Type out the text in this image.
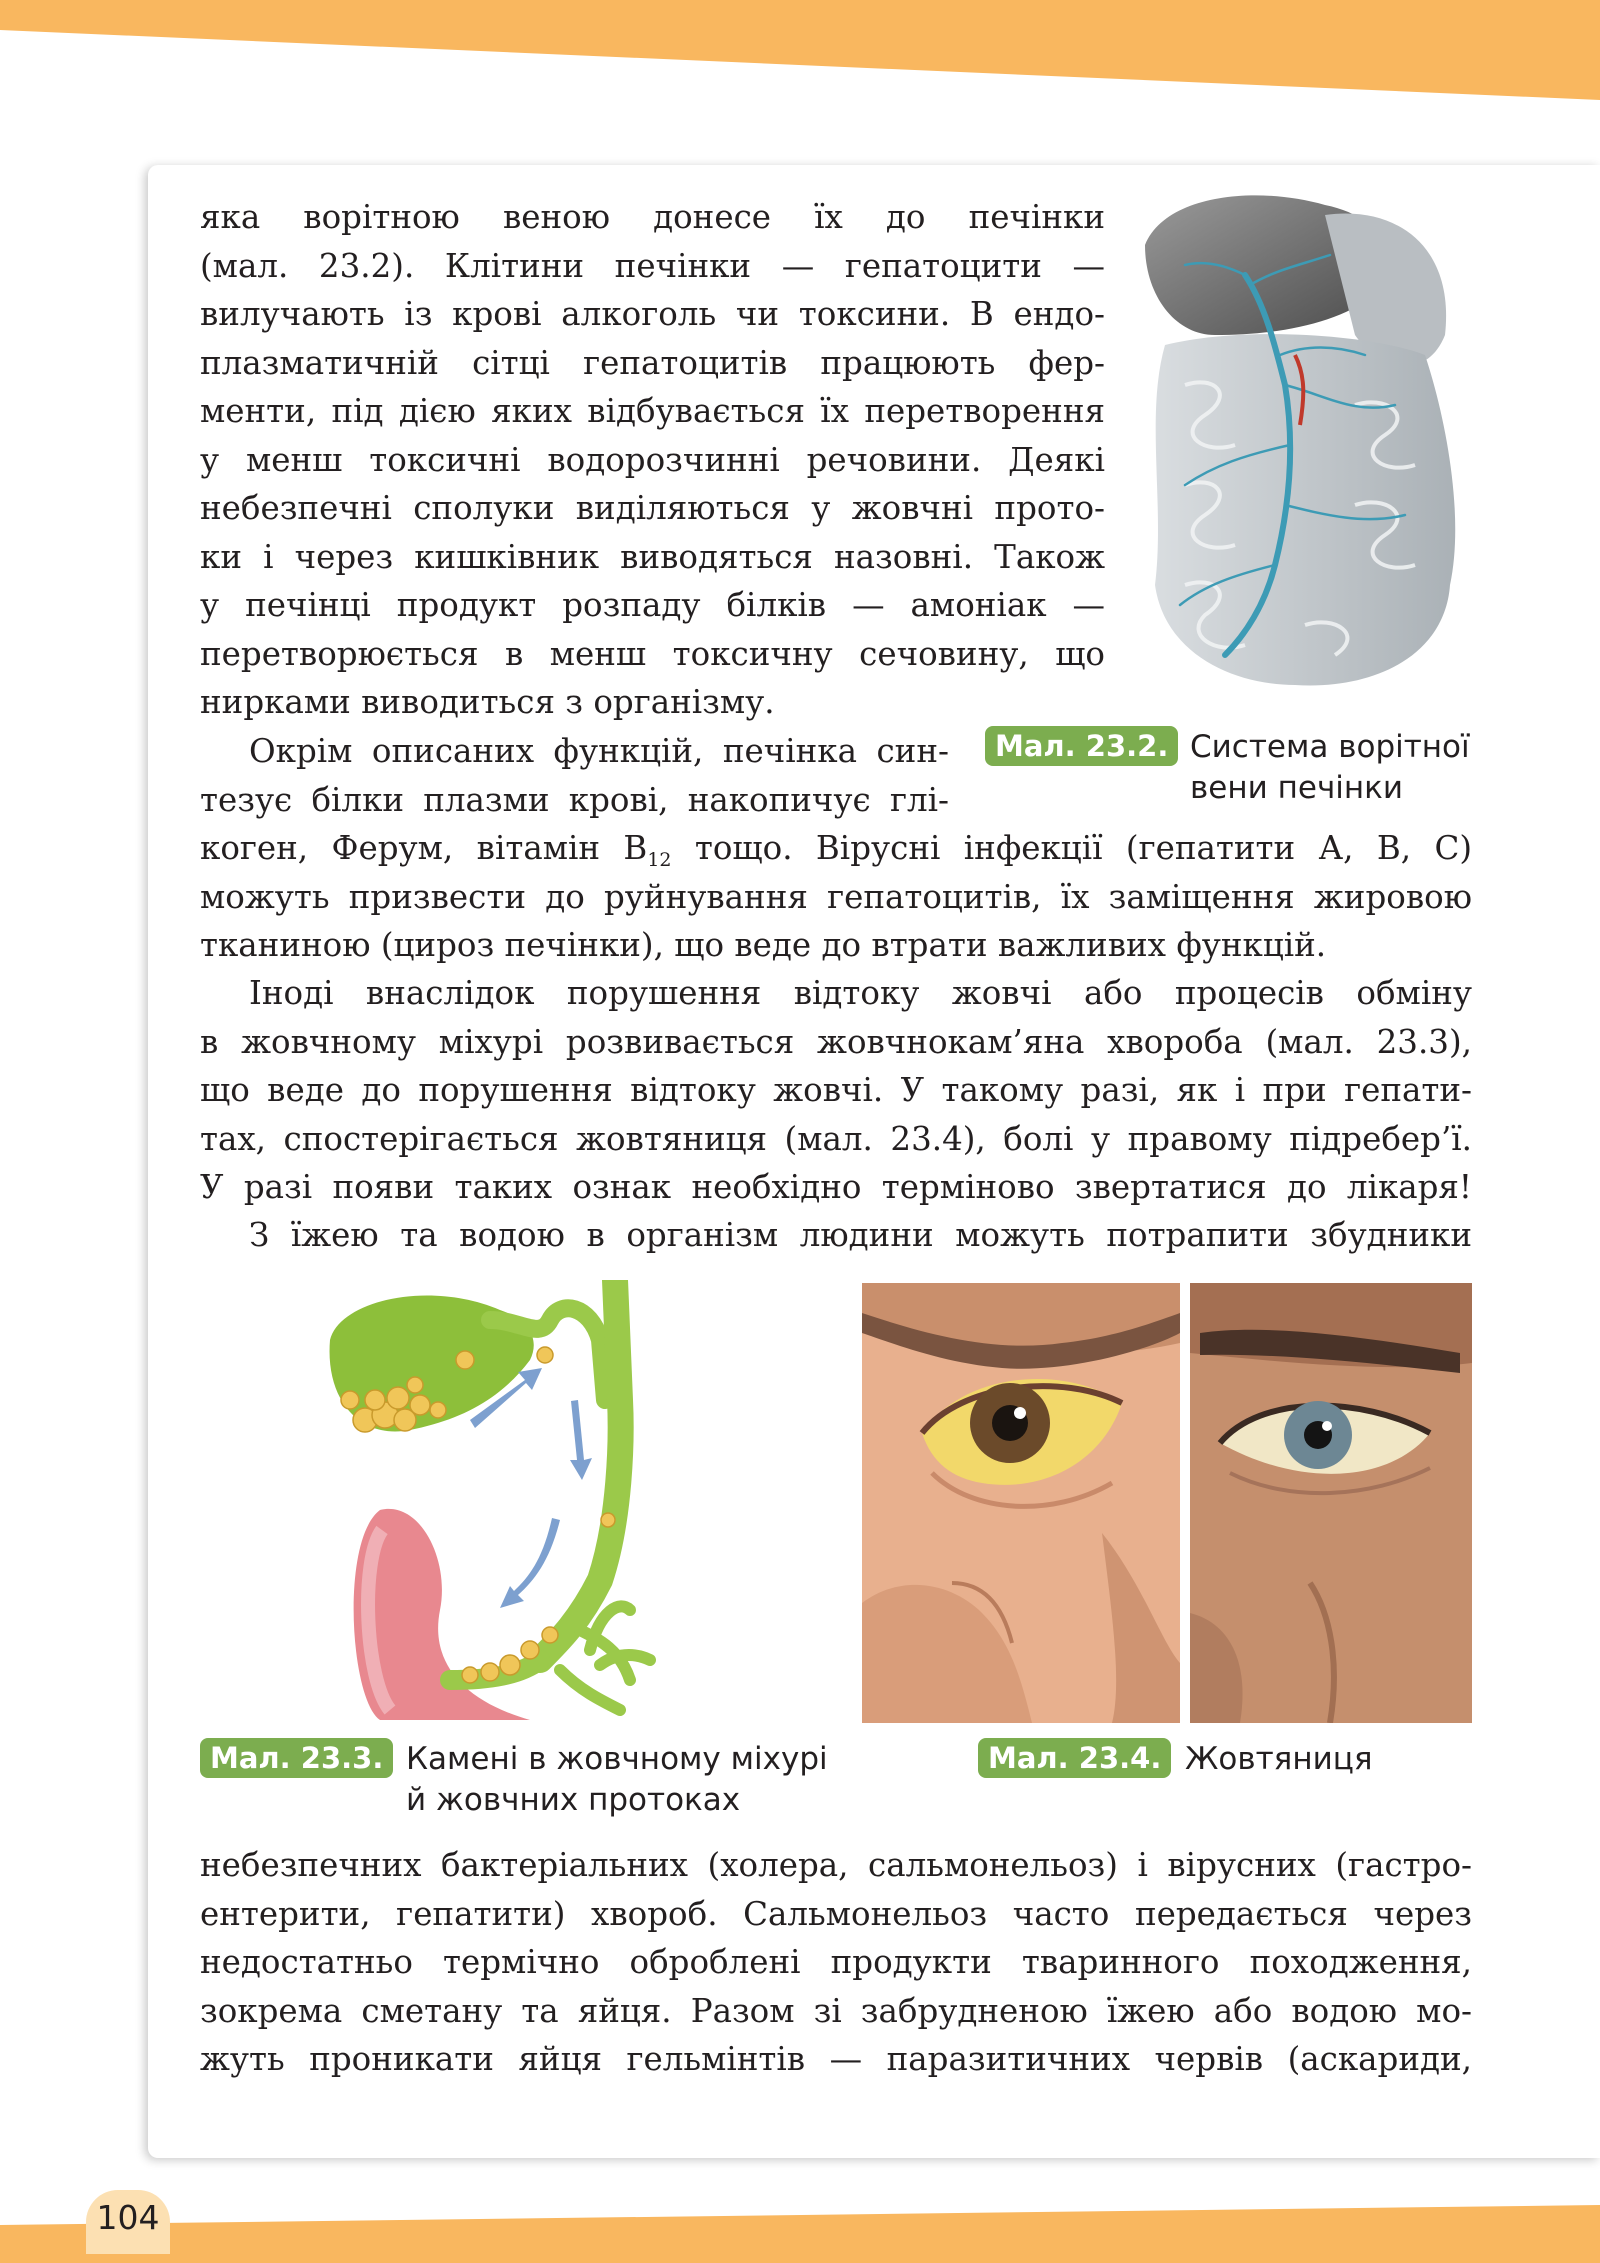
104
яка ворітною веною донесе їх до печінки
(мал. 23.2). Клітини печінки — гепатоцити —
вилучають із крові алкоголь чи токсини. В ендо-
плазматичній сітці гепатоцитів працюють фер-
менти, під дією яких відбувається їх перетворення
у менш токсичні водорозчинні речовини. Деякі
небезпечні сполуки виділяються у жовчні прото-
ки і через кишківник виводяться назовні. Також
у печінці продукт розпаду білків — амоніак —
перетворюється в менш токсичну сечовину, що
нирками виводиться з організму.
Окрім описаних функцій, печінка син-
тезує білки плазми крові, накопичує глі-
коген, Ферум, вітамін $В_{12}$ тощо. Вірусні інфекції (гепатити А, В, С)
можуть призвести до руйнування гепатоцитів, їх заміщення жировою
тканиною (цироз печінки), що веде до втрати важливих функцій.
Іноді внаслідок порушення відтоку жовчі або процесів обміну
в жовчному міхурі розвивається жовчнокам’яна хвороба (мал. 23.3),
що веде до порушення відтоку жовчі. У такому разі, як і при гепати-
тах, спостерігається жовтяниця (мал. 23.4), болі у правому підребер’ї.
У разі появи таких ознак необхідно терміново звертатися до лікаря!
З їжею та водою в організм людини можуть потрапити збудники
небезпечних бактеріальних (холера, сальмонельоз) і вірусних (гастро-
ентерити, гепатити) хвороб. Сальмонельоз часто передається через
недостатньо термічно оброблені продукти тваринного походження,
зокрема сметану та яйця. Разом зі забрудненою їжею або водою мо-
жуть проникати яйця гельмінтів — паразитичних червів (аскариди,
Мал. 23.2. Система ворітної
вени печінки
Мал. 23.3. Камені в жовчному міхурі
й жовчних протоках
Мал. 23.4. Жовтяниця
